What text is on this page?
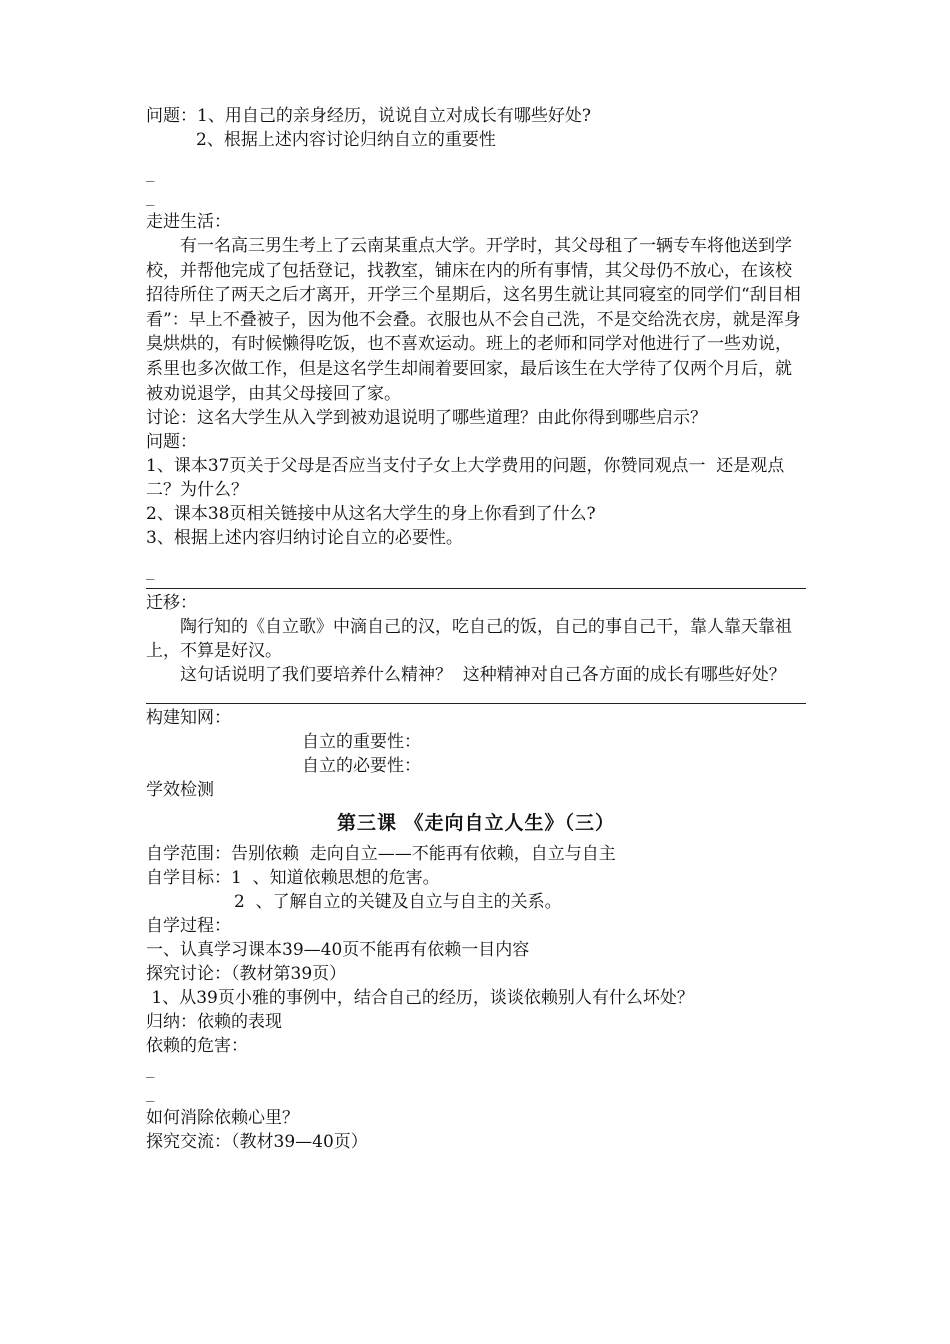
问题：1、用自己的亲身经历，说说自立对成长有哪些好处?

2、根据上述内容讨论归纳自立的重要性

_
_

走进生活：

有一名高三男生考上了云南某重点大学。开学时，其父母租了一辆专车将他送到学校，并帮他完成了包括登记，找教室，铺床在内的所有事情，其父母仍不放心，在该校招待所住了两天之后才离开，开学三个星期后，这名男生就让其同寝室的同学们“刮目相看”：早上不叠被子，因为他不会叠。衣服也从不会自己洗，不是交给洗衣房，就是浑身臭烘烘的，有时候懒得吃饭，也不喜欢运动。班上的老师和同学对他进行了一些劝说，系里也多次做工作，但是这名学生却闹着要回家，最后该生在大学待了仅两个月后，就被劝说退学，由其父母接回了家。

讨论：这名大学生从入学到被劝退说明了哪些道理？由此你得到哪些启示？

问题：

1、课本37页关于父母是否应当支付子女上大学费用的问题，你赞同观点一  还是观点二？为什么？

2、课本38页相关链接中从这名大学生的身上你看到了什么?

3、根据上述内容归纳讨论自立的必要性。

_

迁移：

陶行知的《自立歌》中滴自己的汉，吃自己的饭，自己的事自己干，靠人靠天靠祖上，不算是好汉。

这句话说明了我们要培养什么精神？  这种精神对自己各方面的成长有哪些好处？

构建知网：

自立的重要性：

自立的必要性：

学效检测

第三课 《走向自立人生》（三）

自学范围：告别依赖  走向自立——不能再有依赖，自立与自主

自学目标：1  、知道依赖思想的危害。

2  、了解自立的关键及自立与自主的关系。

自学过程：

一、认真学习课本39—40页不能再有依赖一目内容

探究讨论：（教材第39页）

1、从39页小雅的事例中，结合自己的经历，谈谈依赖别人有什么坏处？

归纳：依赖的表现

依赖的危害：

_
_

如何消除依赖心里？

探究交流：（教材39—40页）
